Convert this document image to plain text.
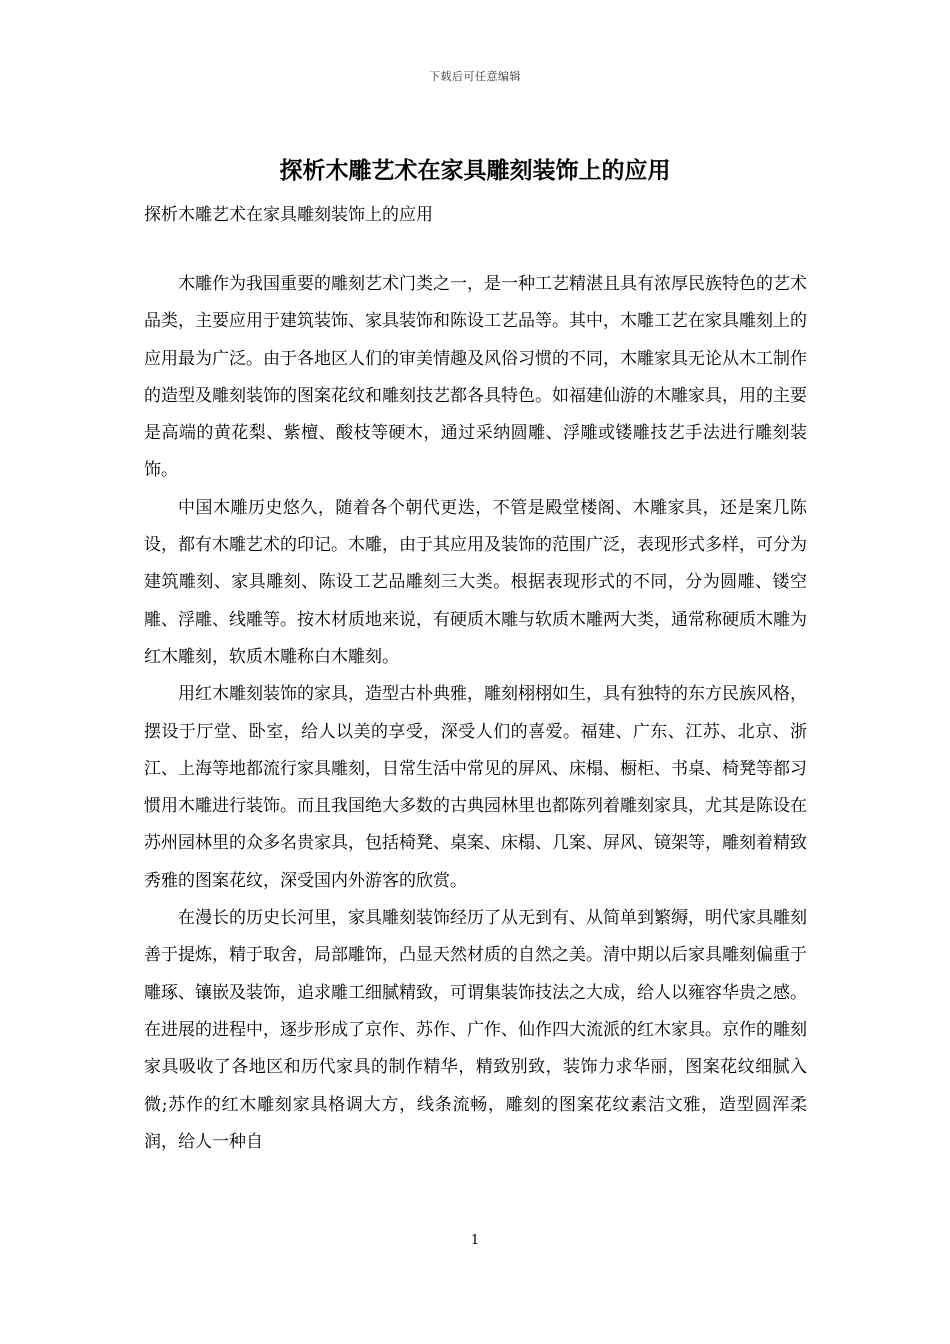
下载后可任意编辑
探析木雕艺术在家具雕刻装饰上的应用

探析木雕艺术在家具雕刻装饰上的应用

木雕作为我国重要的雕刻艺术门类之一，是一种工艺精湛且具有浓厚民族特色的艺术品类，主要应用于建筑装饰、家具装饰和陈设工艺品等。其中，木雕工艺在家具雕刻上的应用最为广泛。由于各地区人们的审美情趣及风俗习惯的不同，木雕家具无论从木工制作的造型及雕刻装饰的图案花纹和雕刻技艺都各具特色。如福建仙游的木雕家具，用的主要是高端的黄花梨、紫檀、酸枝等硬木，通过采纳圆雕、浮雕或镂雕技艺手法进行雕刻装饰。

中国木雕历史悠久，随着各个朝代更迭，不管是殿堂楼阁、木雕家具，还是案几陈设，都有木雕艺术的印记。木雕，由于其应用及装饰的范围广泛，表现形式多样，可分为建筑雕刻、家具雕刻、陈设工艺品雕刻三大类。根据表现形式的不同，分为圆雕、镂空雕、浮雕、线雕等。按木材质地来说，有硬质木雕与软质木雕两大类，通常称硬质木雕为红木雕刻，软质木雕称白木雕刻。

用红木雕刻装饰的家具，造型古朴典雅，雕刻栩栩如生，具有独特的东方民族风格，摆设于厅堂、卧室，给人以美的享受，深受人们的喜爱。福建、广东、江苏、北京、浙江、上海等地都流行家具雕刻，日常生活中常见的屏风、床榻、橱柜、书桌、椅凳等都习惯用木雕进行装饰。而且我国绝大多数的古典园林里也都陈列着雕刻家具，尤其是陈设在苏州园林里的众多名贵家具，包括椅凳、桌案、床榻、几案、屏风、镜架等，雕刻着精致秀雅的图案花纹，深受国内外游客的欣赏。

在漫长的历史长河里，家具雕刻装饰经历了从无到有、从简单到繁缛，明代家具雕刻善于提炼，精于取舍，局部雕饰，凸显天然材质的自然之美。清中期以后家具雕刻偏重于雕琢、镶嵌及装饰，追求雕工细腻精致，可谓集装饰技法之大成，给人以雍容华贵之感。在进展的进程中，逐步形成了京作、苏作、广作、仙作四大流派的红木家具。京作的雕刻家具吸收了各地区和历代家具的制作精华，精致别致，装饰力求华丽，图案花纹细腻入微;苏作的红木雕刻家具格调大方，线条流畅，雕刻的图案花纹素洁文雅，造型圆浑柔润，给人一种自

1
